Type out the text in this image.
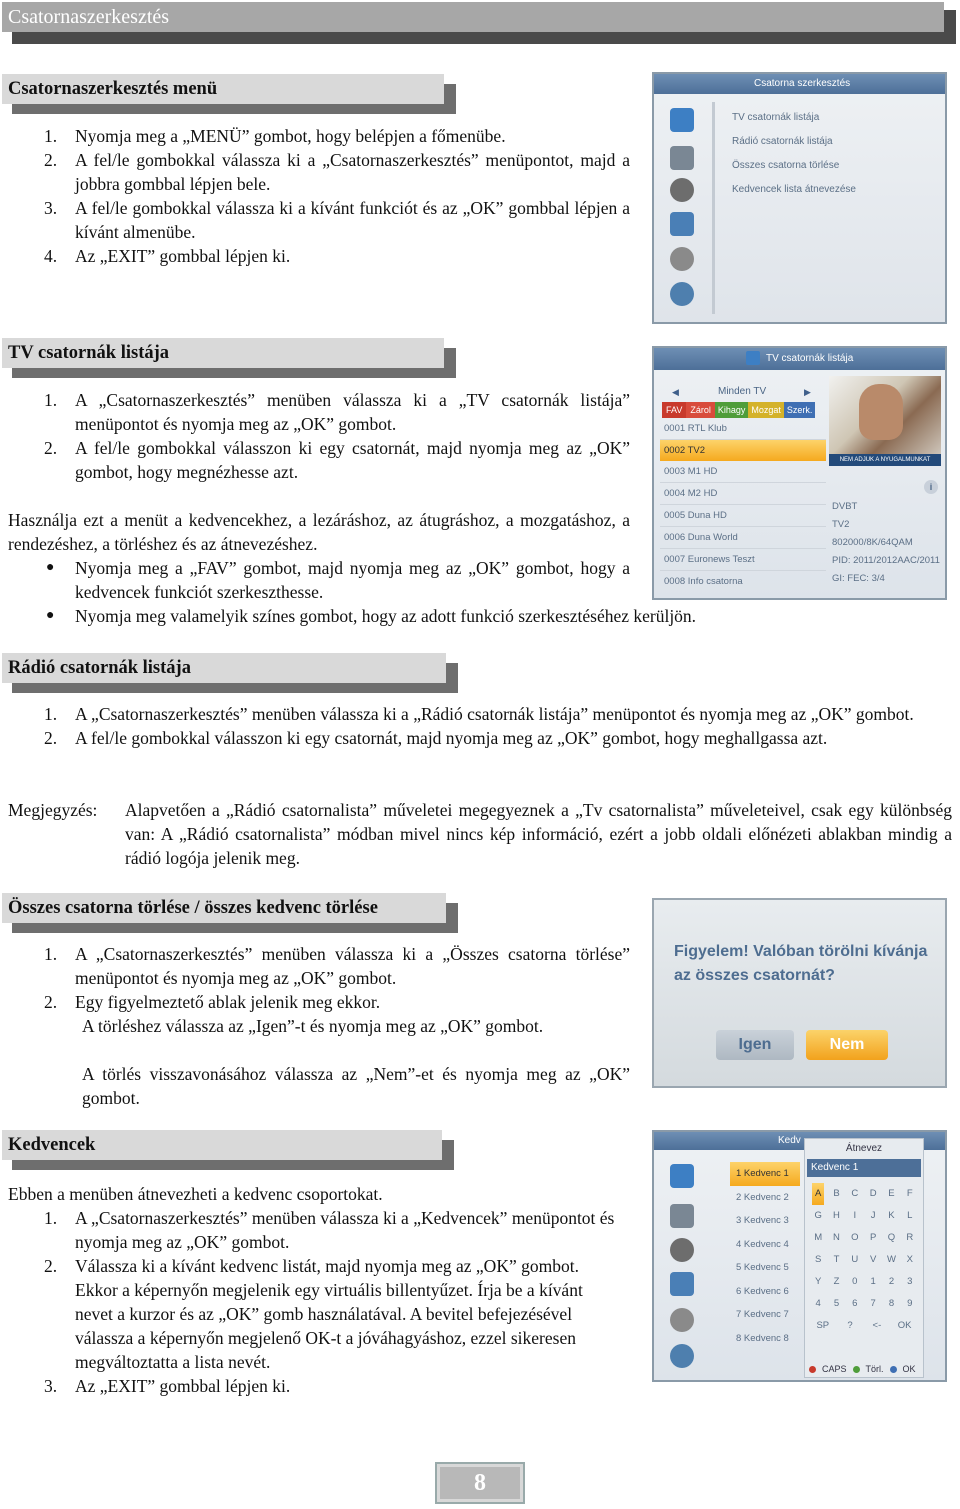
Csatornaszerkesztés
Csatornaszerkesztés menü
1. Nyomja meg a „MENÜ” gombot, hogy belépjen a főmenübe.
2. A fel/le gombokkal válassza ki a „Csatornaszerkesztés” menüpontot, majd a jobbra gombbal lépjen bele.
3. A fel/le gombokkal válassza ki a kívánt funkciót és az „OK” gombbal lépjen a kívánt almenübe.
4. Az „EXIT” gombbal lépjen ki.
Csatorna szerkesztés
TV csatornák listája
Rádió csatornák listája
Összes csatorna törlése
Kedvencek lista átnevezése
TV csatornák listája
1. A „Csatornaszerkesztés” menüben válassza ki a „TV csatornák listája” menüpontot és nyomja meg az „OK” gombot.
2. A fel/le gombokkal válasszon ki egy csatornát, majd nyomja meg az „OK” gombot, hogy megnézhesse azt.

Használja ezt a menüt a kedvencekhez, a lezáráshoz, az átugráshoz, a mozgatáshoz, a rendezéshez, a törléshez és az átnevezéshez.

● Nyomja meg a „FAV” gombot, majd nyomja meg az „OK” gombot, hogy a kedvencek funkciót szerkeszthesse.
● Nyomja meg valamelyik színes gombot, hogy az adott funkció szerkesztéséhez kerüljön.
TV csatornák listája
◀	Minden TV	▶
FAV Zárol Kihagy Mozgat Szerk.
0001 RTL Klub
0002 TV2
0003 M1 HD
0004 M2 HD
0005 Duna HD
0006 Duna World
0007 Euronews Teszt
0008 Info csatorna
NEM ADJUK A NYUGALMUNKAT
i
DVBT
TV2
802000/8K/64QAM
PID: 2011/2012AAC/2011
GI: FEC: 3/4
Rádió csatornák listája
1. A „Csatornaszerkesztés” menüben válassza ki a „Rádió csatornák listája” menüpontot és nyomja meg az „OK” gombot.
2. A fel/le gombokkal válasszon ki egy csatornát, majd nyomja meg az „OK” gombot, hogy meghallgassa azt.
Megjegyzés: Alapvetően a „Rádió csatornalista” műveletei megegyeznek a „Tv csatornalista” műveleteivel, csak egy különbség van: A „Rádió csatornalista” módban mivel nincs kép információ, ezért a jobb oldali előnézeti ablakban mindig a rádió logója jelenik meg.

Összes csatorna törlése / összes kedvenc törlése
1. A „Csatornaszerkesztés” menüben válassza ki a „Összes csatorna törlése” menüpontot és nyomja meg az „OK” gombot.
2. Egy figyelmeztető ablak jelenik meg ekkor.

A törléshez válassza az „Igen”-t és nyomja meg az „OK” gombot.

A törlés visszavonásához válassza az „Nem”-et és nyomja meg az „OK” gombot.

Figyelem! Valóban törölni kívánja
az összes csatornát?
Igen	Nem
Kedvencek

Ebben a menüben átnevezheti a kedvenc csoportokat.

1. A „Csatornaszerkesztés” menüben válassza ki a „Kedvencek” menüpontot és nyomja meg az „OK” gombot.
2. Válassza ki a kívánt kedvenc listát, majd nyomja meg az „OK” gombot. Ekkor a képernyőn megjelenik egy virtuális billentyűzet. Írja be a kívánt nevet a kurzor és az „OK” gomb használatával. A bevitel befejezésével válassza a képernyőn megjelenő OK-t a jóváhagyáshoz, ezzel sikeresen megváltoztatta a lista nevét.
3. Az „EXIT” gombbal lépjen ki.
Kedv
1 Kedvenc 1
2 Kedvenc 2
3 Kedvenc 3
4 Kedvenc 4
5 Kedvenc 5
6 Kedvenc 6
7 Kedvenc 7
8 Kedvenc 8
Átnevez
Kedvenc 1
A B C D E	F
G H	I	J	K	L
M N O P Q R
S	T	U V W X
Y	Z	0	1	2	3
4	5	6	7	8	9
SP	?	<- OK
CAPS Törl. OK
8
